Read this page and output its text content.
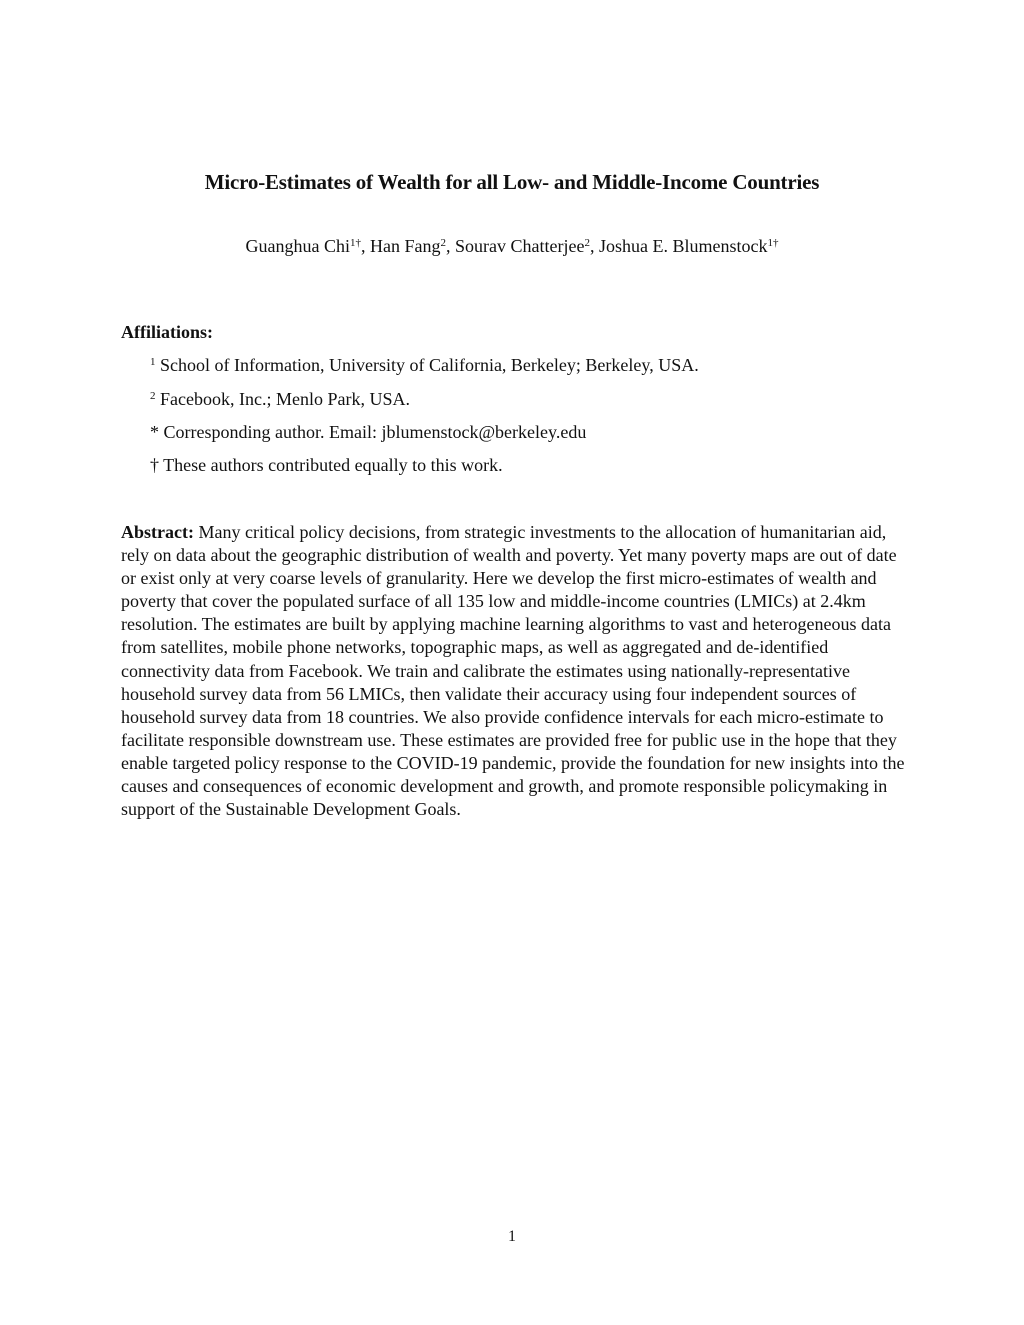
Micro-Estimates of Wealth for all Low- and Middle-Income Countries
Guanghua Chi$^{1\dagger}$, Han Fang$^2$, Sourav Chatterjee$^2$, Joshua E. Blumenstock$^{1\dagger}$
Affiliations:
$^1$ School of Information, University of California, Berkeley; Berkeley, USA.
$^2$ Facebook, Inc.; Menlo Park, USA.
* Corresponding author. Email: jblumenstock@berkeley.edu
† These authors contributed equally to this work.
Abstract: Many critical policy decisions, from strategic investments to the allocation of humanitarian aid, rely on data about the geographic distribution of wealth and poverty. Yet many poverty maps are out of date or exist only at very coarse levels of granularity. Here we develop the first micro-estimates of wealth and poverty that cover the populated surface of all 135 low and middle-income countries (LMICs) at 2.4km resolution. The estimates are built by applying machine learning algorithms to vast and heterogeneous data from satellites, mobile phone networks, topographic maps, as well as aggregated and de-identified connectivity data from Facebook. We train and calibrate the estimates using nationally-representative household survey data from 56 LMICs, then validate their accuracy using four independent sources of household survey data from 18 countries. We also provide confidence intervals for each micro-estimate to facilitate responsible downstream use. These estimates are provided free for public use in the hope that they enable targeted policy response to the COVID-19 pandemic, provide the foundation for new insights into the causes and consequences of economic development and growth, and promote responsible policymaking in support of the Sustainable Development Goals.
1
